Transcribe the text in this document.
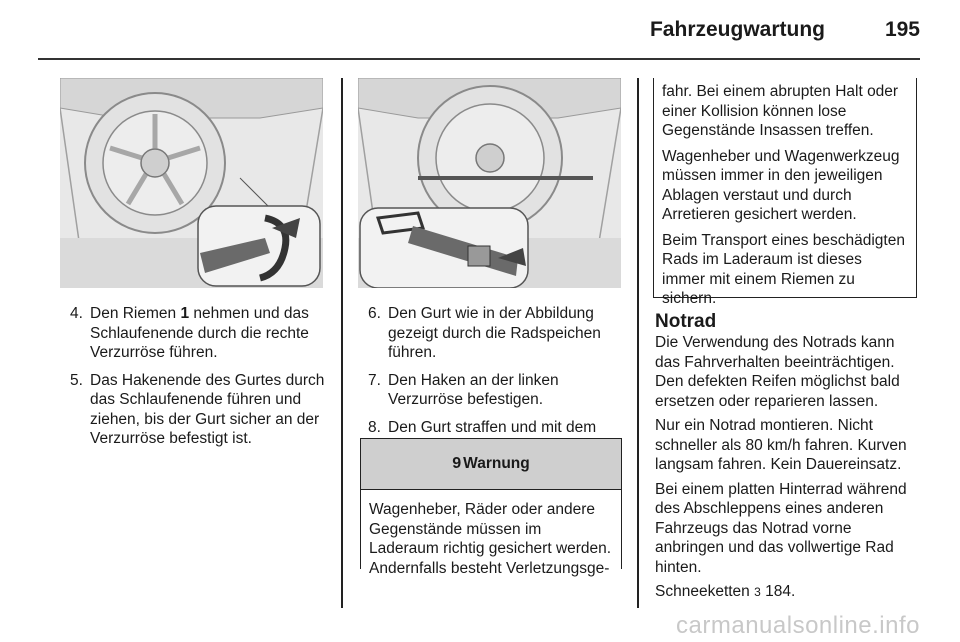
Fahrzeugwartung	195
4. Den Riemen 1 nehmen und das Schlaufenende durch die rechte Verzurröse führen.
5. Das Hakenende des Gurtes durch das Schlaufenende führen und ziehen, bis der Gurt sicher an der Verzurröse befestigt ist.
6. Den Gurt wie in der Abbildung gezeigt durch die Radspeichen führen.
7. Den Haken an der linken Verzurröse befestigen.
8. Den Gurt straffen und mit dem
9 Warnung
Wagenheber, Räder oder andere Gegenstände müssen im Laderaum richtig gesichert werden. Andernfalls besteht Verletzungsge-

fahr. Bei einem abrupten Halt oder einer Kollision können lose Gegenstände Insassen treffen.

Wagenheber und Wagenwerkzeug müssen immer in den jeweiligen Ablagen verstaut und durch Arretieren gesichert werden.

Beim Transport eines beschädigten Rads im Laderaum ist dieses immer mit einem Riemen zu sichern.

Notrad

Die Verwendung des Notrads kann das Fahrverhalten beeinträchtigen. Den defekten Reifen möglichst bald ersetzen oder reparieren lassen.

Nur ein Notrad montieren. Nicht schneller als 80 km/h fahren. Kurven langsam fahren. Kein Dauereinsatz.

Bei einem platten Hinterrad während des Abschleppens eines anderen Fahrzeugs das Notrad vorne anbringen und das vollwertige Rad hinten.

Schneeketten 3 184.

carmanualsonline.info
